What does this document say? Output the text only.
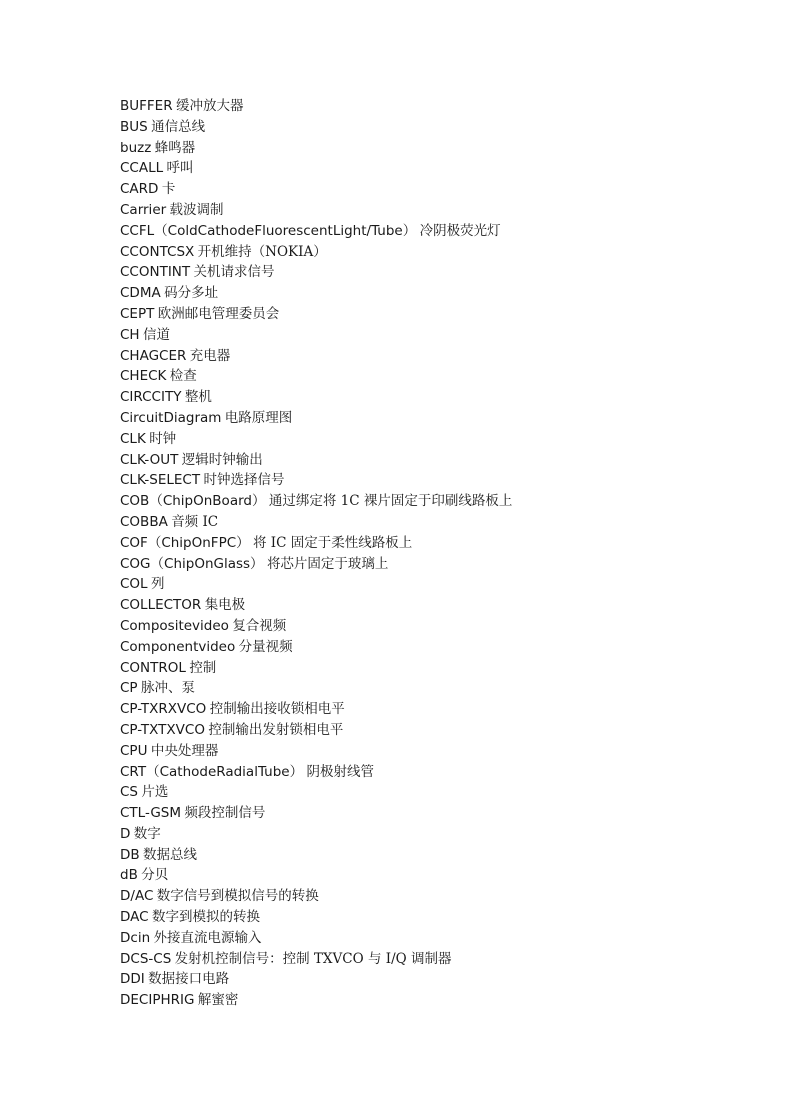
BUFFER 缓冲放大器
BUS 通信总线
buzz 蜂鸣器
CCALL 呼叫
CARD 卡
Carrier 载波调制
CCFL（ColdCathodeFluorescentLight/Tube） 冷阴极荧光灯
CCONTCSX 开机维持（NOKIA）
CCONTINT 关机请求信号
CDMA 码分多址
CEPT 欧洲邮电管理委员会
CH 信道
CHAGCER 充电器
CHECK 检查
CIRCCITY 整机
CircuitDiagram 电路原理图
CLK 时钟
CLK-OUT 逻辑时钟输出
CLK-SELECT 时钟选择信号
COB（ChipOnBoard） 通过绑定将 1C 裸片固定于印刷线路板上
COBBA 音频 IC
COF（ChipOnFPC） 将 IC 固定于柔性线路板上
COG（ChipOnGlass） 将芯片固定于玻璃上
COL 列
COLLECTOR 集电极
Compositevideo 复合视频
Componentvideo 分量视频
CONTROL 控制
CP 脉冲、泵
CP-TXRXVCO 控制输出接收锁相电平
CP-TXTXVCO 控制输出发射锁相电平
CPU 中央处理器
CRT（CathodeRadialTube） 阴极射线管
CS 片选
CTL-GSM 频段控制信号
D 数字
DB 数据总线
dB 分贝
D/AC 数字信号到模拟信号的转换
DAC 数字到模拟的转换
Dcin 外接直流电源输入
DCS-CS 发射机控制信号：控制 TXVCO 与 I/Q 调制器
DDI 数据接口电路
DECIPHRIG 解蜜密
